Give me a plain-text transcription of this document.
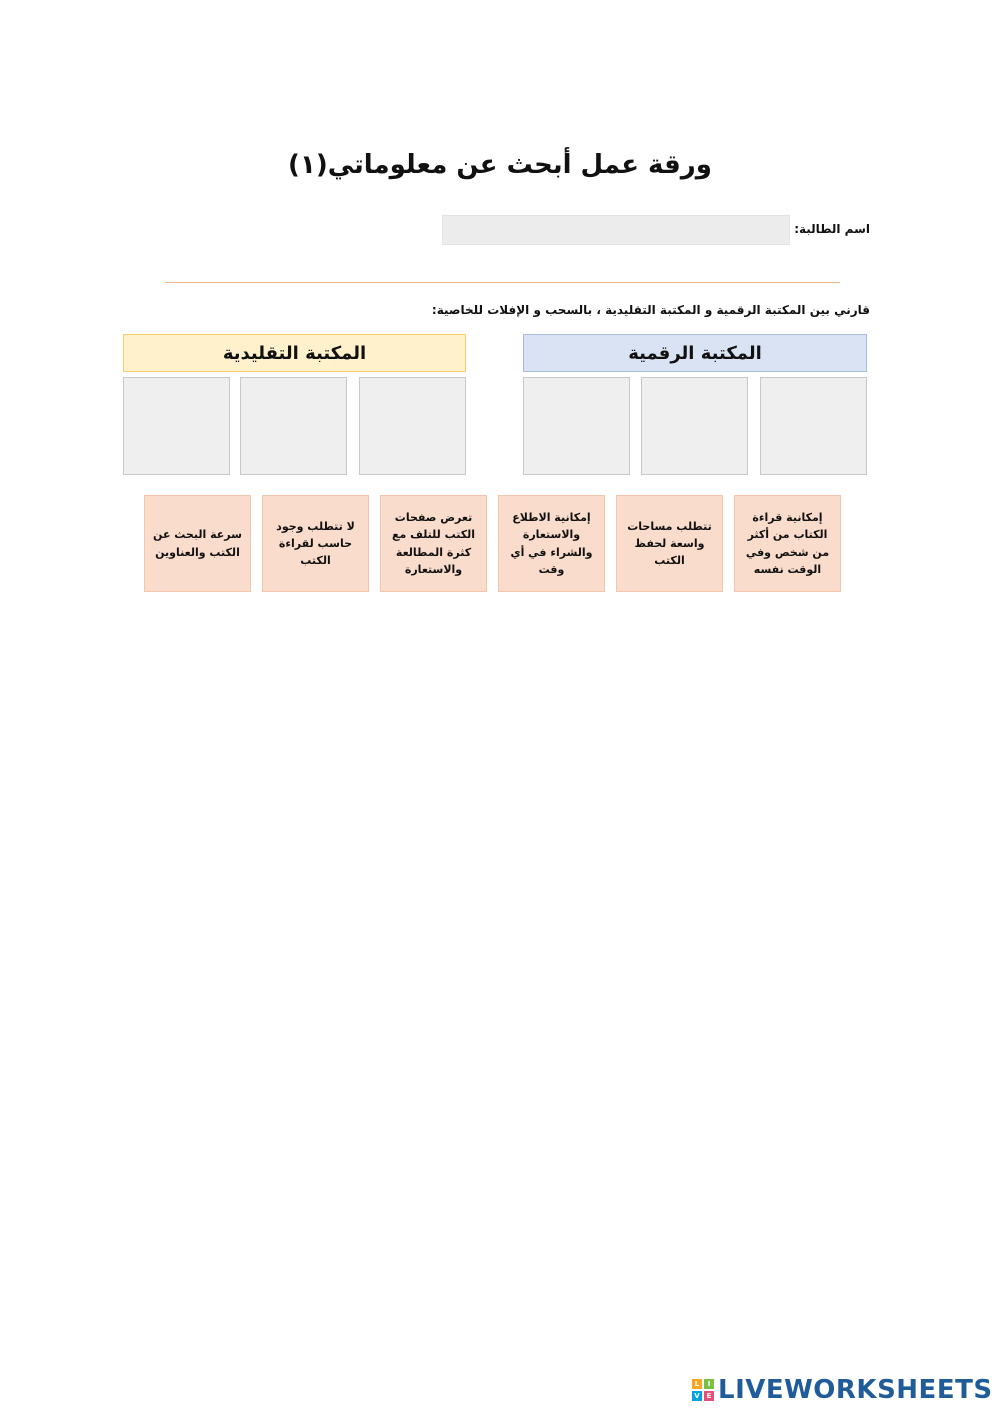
ورقة عمل أبحث عن معلوماتي(١)
اسم الطالبة:
قارني بين المكتبة الرقمية و المكتبة التقليدية ، بالسحب و الإفلات للخاصية:
المكتبة الرقمية
المكتبة التقليدية
إمكانية قراءة الكتاب من أكثر من شخص وفي الوقت نفسه
تتطلب مساحات واسعة لحفظ الكتب
إمكانية الاطلاع والاستعارة والشراء في أي وقت
تعرض صفحات الكتب للتلف مع كثرة المطالعة والاستعارة
لا تتطلب وجود حاسب لقراءة الكتب
سرعة البحث عن الكتب والعناوين
L	I
V E LIVEWORKSHEETS
